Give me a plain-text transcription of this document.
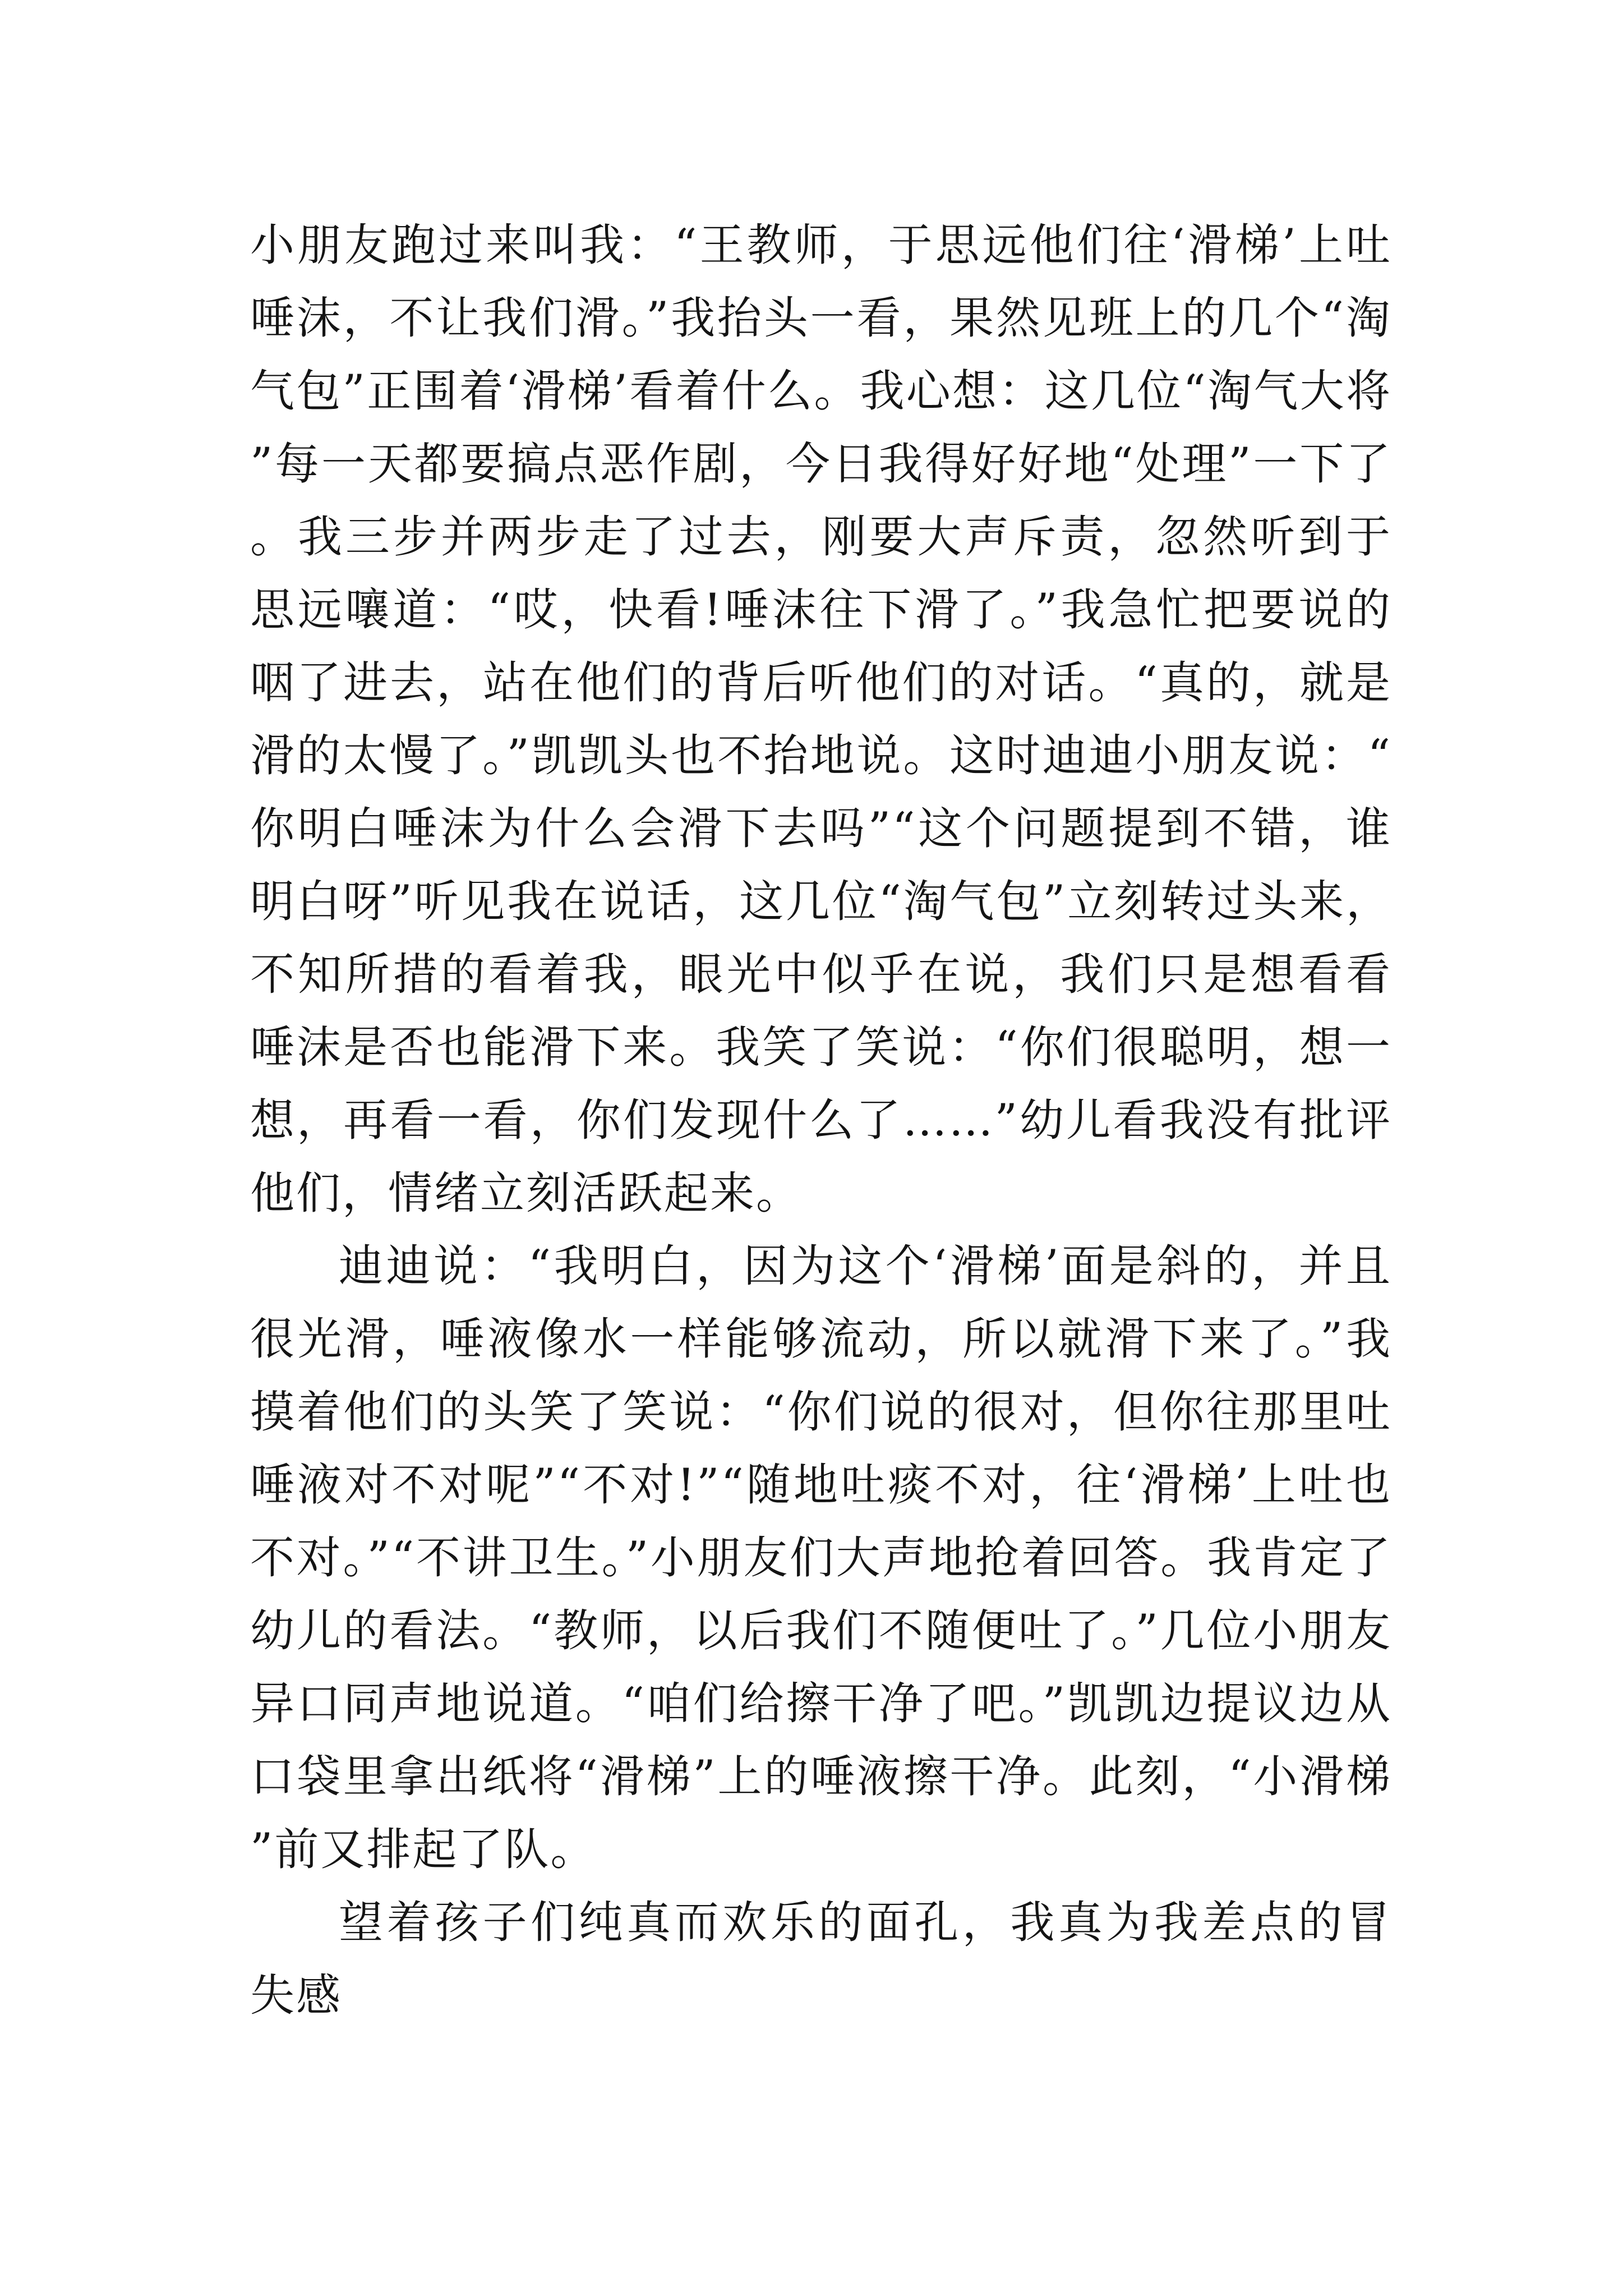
小朋友跑过来叫我：“王教师，于思远他们往‘滑梯’上吐唾沫，不让我们滑。”我抬头一看，果然见班上的几个“淘气包”正围着‘滑梯’看着什么。我心想：这几位“淘气大将”每一天都要搞点恶作剧，今日我得好好地“处理”一下了。我三步并两步走了过去，刚要大声斥责，忽然听到于思远嚷道：“哎，快看!唾沫往下滑了。”我急忙把要说的咽了进去，站在他们的背后听他们的对话。“真的，就是滑的太慢了。”凯凯头也不抬地说。这时迪迪小朋友说：“你明白唾沫为什么会滑下去吗”“这个问题提到不错，谁明白呀”听见我在说话，这几位“淘气包”立刻转过头来，不知所措的看着我，眼光中似乎在说，我们只是想看看唾沫是否也能滑下来。我笑了笑说：“你们很聪明，想一想，再看一看，你们发现什么了……”幼儿看我没有批评他们，情绪立刻活跃起来。

迪迪说：“我明白，因为这个‘滑梯’面是斜的，并且很光滑，唾液像水一样能够流动，所以就滑下来了。”我摸着他们的头笑了笑说：“你们说的很对，但你往那里吐唾液对不对呢”“不对!”“随地吐痰不对，往‘滑梯’上吐也不对。”“不讲卫生。”小朋友们大声地抢着回答。我肯定了幼儿的看法。“教师，以后我们不随便吐了。”几位小朋友异口同声地说道。“咱们给擦干净了吧。”凯凯边提议边从口袋里拿出纸将“滑梯”上的唾液擦干净。此刻，“小滑梯”前又排起了队。

望着孩子们纯真而欢乐的面孔，我真为我差点的冒失感
